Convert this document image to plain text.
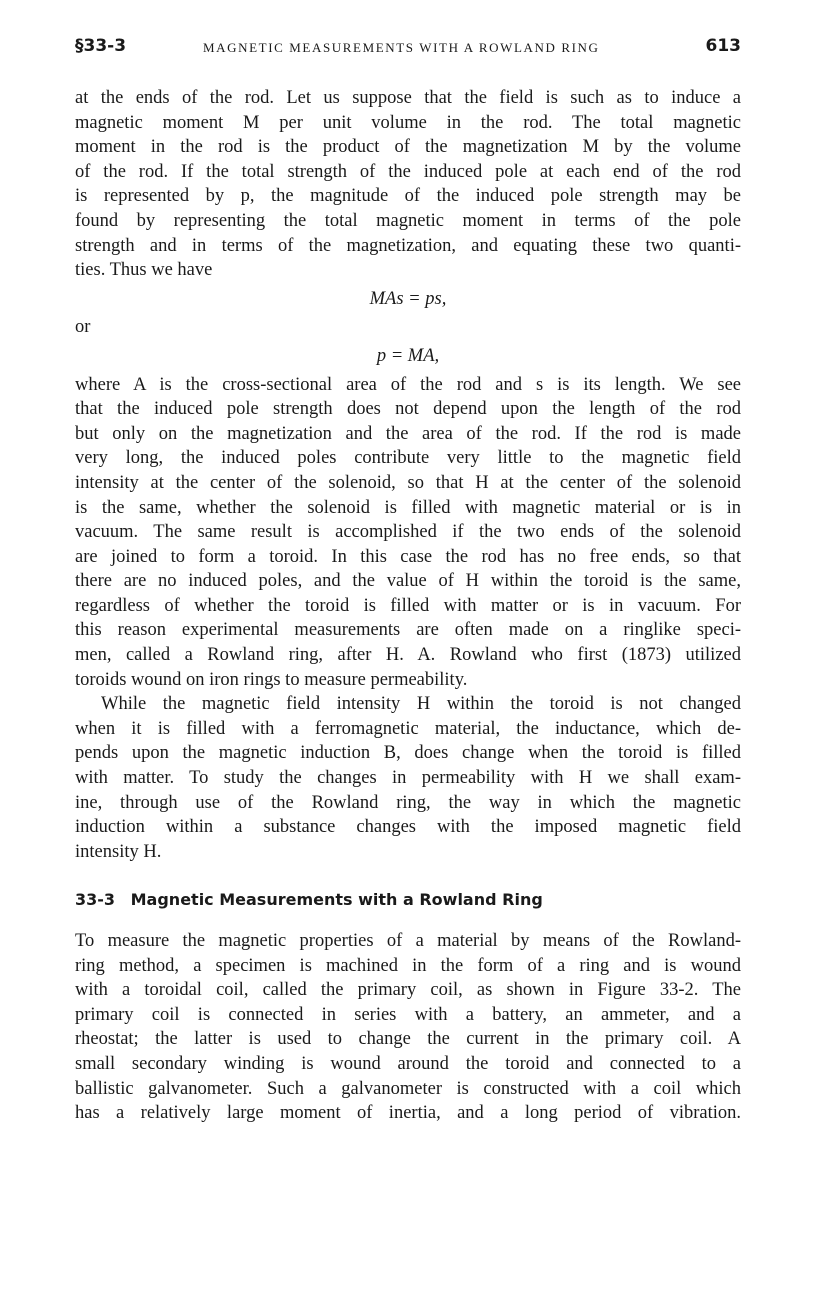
§33-3	MAGNETIC MEASUREMENTS WITH A ROWLAND RING	613
at the ends of the rod. Let us suppose that the field is such as to induce a
magnetic moment M per unit volume in the rod. The total magnetic
moment in the rod is the product of the magnetization M by the volume
of the rod. If the total strength of the induced pole at each end of the rod
is represented by p, the magnitude of the induced pole strength may be
found by representing the total magnetic moment in terms of the pole
strength and in terms of the magnetization, and equating these two quanti-
ties. Thus we have
MAs = ps,
or
p = MA,
where A is the cross-sectional area of the rod and s is its length. We see
that the induced pole strength does not depend upon the length of the rod
but only on the magnetization and the area of the rod. If the rod is made
very long, the induced poles contribute very little to the magnetic field
intensity at the center of the solenoid, so that H at the center of the solenoid
is the same, whether the solenoid is filled with magnetic material or is in
vacuum. The same result is accomplished if the two ends of the solenoid
are joined to form a toroid. In this case the rod has no free ends, so that
there are no induced poles, and the value of H within the toroid is the same,
regardless of whether the toroid is filled with matter or is in vacuum. For
this reason experimental measurements are often made on a ringlike speci-
men, called a Rowland ring, after H. A. Rowland who first (1873) utilized
toroids wound on iron rings to measure permeability.
While the magnetic field intensity H within the toroid is not changed
when it is filled with a ferromagnetic material, the inductance, which de-
pends upon the magnetic induction B, does change when the toroid is filled
with matter. To study the changes in permeability with H we shall exam-
ine, through use of the Rowland ring, the way in which the magnetic
induction within a substance changes with the imposed magnetic field
intensity H.
33-3 Magnetic Measurements with a Rowland Ring
To measure the magnetic properties of a material by means of the Rowland-
ring method, a specimen is machined in the form of a ring and is wound
with a toroidal coil, called the primary coil, as shown in Figure 33-2. The
primary coil is connected in series with a battery, an ammeter, and a
rheostat; the latter is used to change the current in the primary coil. A
small secondary winding is wound around the toroid and connected to a
ballistic galvanometer. Such a galvanometer is constructed with a coil which
has a relatively large moment of inertia, and a long period of vibration.
